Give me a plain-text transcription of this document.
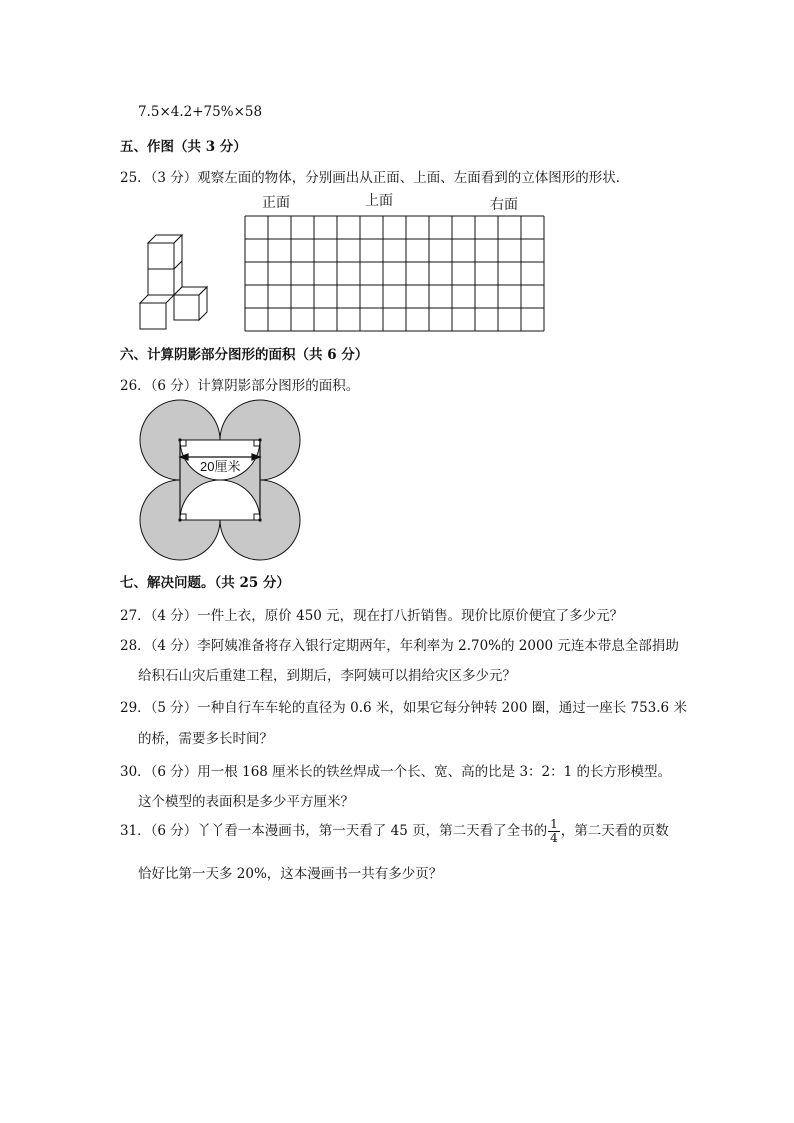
7.5×4.2+75%×58
五、作图（共 3 分）
25．（3 分）观察左面的物体，分别画出从正面、上面、左面看到的立体图形的形状．
正面	上面	右面
六、计算阴影部分图形的面积（共 6 分）
26．（6 分）计算阴影部分图形的面积。
20厘米
七、解决问题。（共 25 分）
27．（4 分）一件上衣，原价 450 元，现在打八折销售。现价比原价便宜了多少元？
28．（4 分）李阿姨准备将存入银行定期两年，年利率为 2.70%的 2000 元连本带息全部捐助
给积石山灾后重建工程，到期后，李阿姨可以捐给灾区多少元？
29．（5 分）一种自行车车轮的直径为 0.6 米，如果它每分钟转 200 圈，通过一座长 753.6 米
的桥，需要多长时间？
30．（6 分）用一根 168 厘米长的铁丝焊成一个长、宽、高的比是 3：2：1 的长方形模型。
这个模型的表面积是多少平方厘米？
31．（6 分）丫丫看一本漫画书，第一天看了 45 页，第二天看了全书的 $\frac{1}{4}$ ，第二天看的页数
恰好比第一天多 20%，这本漫画书一共有多少页？
